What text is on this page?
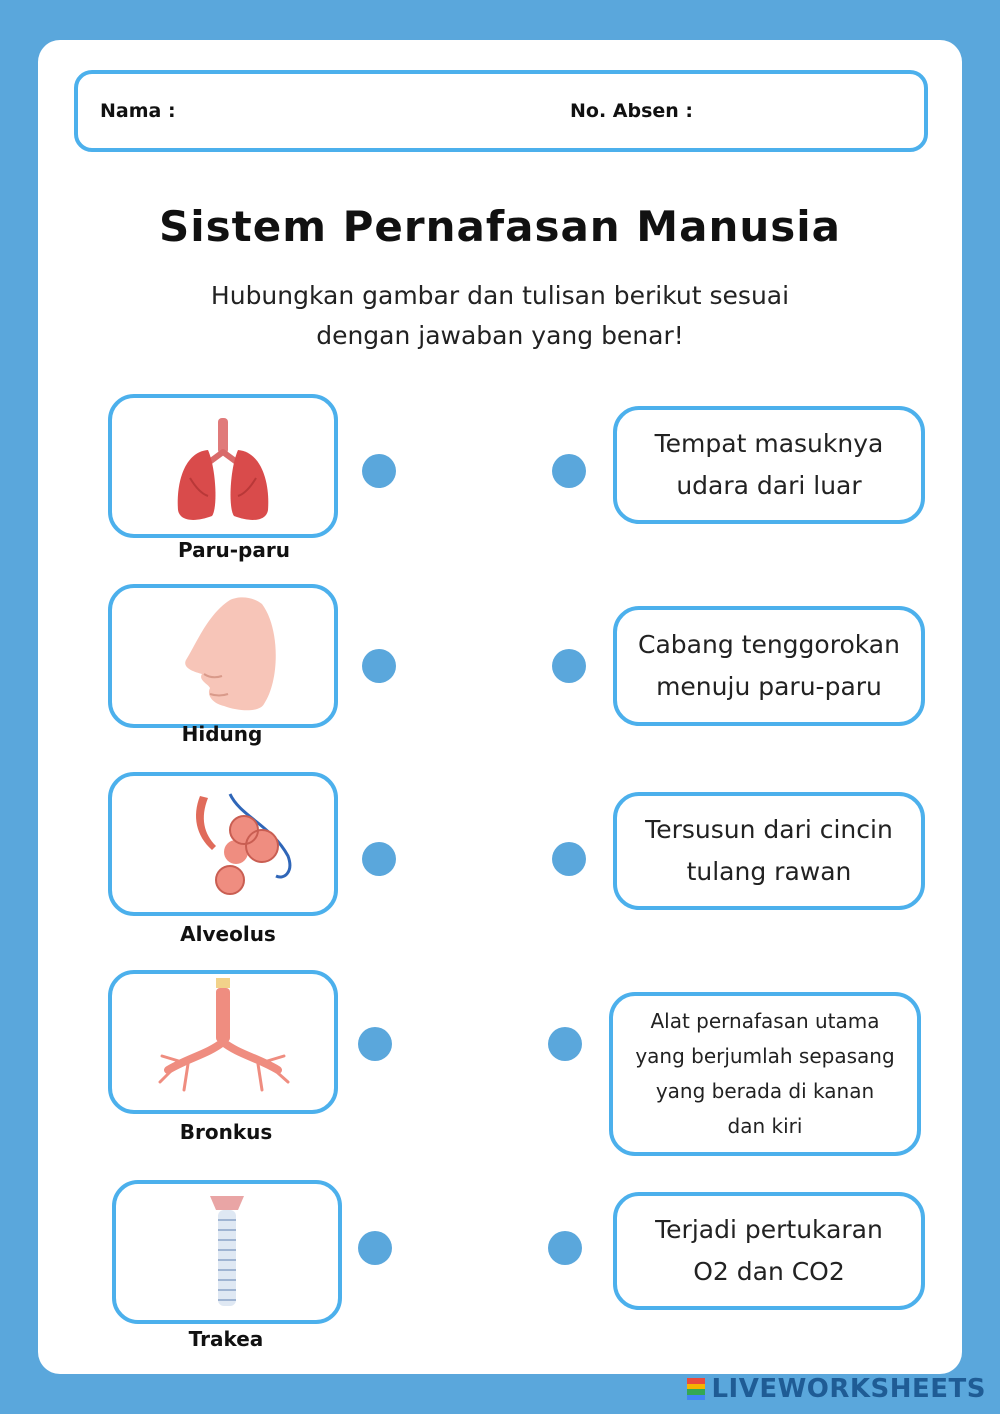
Nama :	No. Absen :
Sistem Pernafasan Manusia
Hubungkan gambar dan tulisan berikut sesuai
dengan jawaban yang benar!
Paru-paru
Tempat masuknya
udara dari luar
Hidung
Cabang tenggorokan
menuju paru-paru
Alveolus
Tersusun dari cincin
tulang rawan
Bronkus
Alat pernafasan utama
yang berjumlah sepasang
yang berada di kanan
dan kiri
Trakea
Terjadi pertukaran
O2 dan CO2
LIVEWORKSHEETS
